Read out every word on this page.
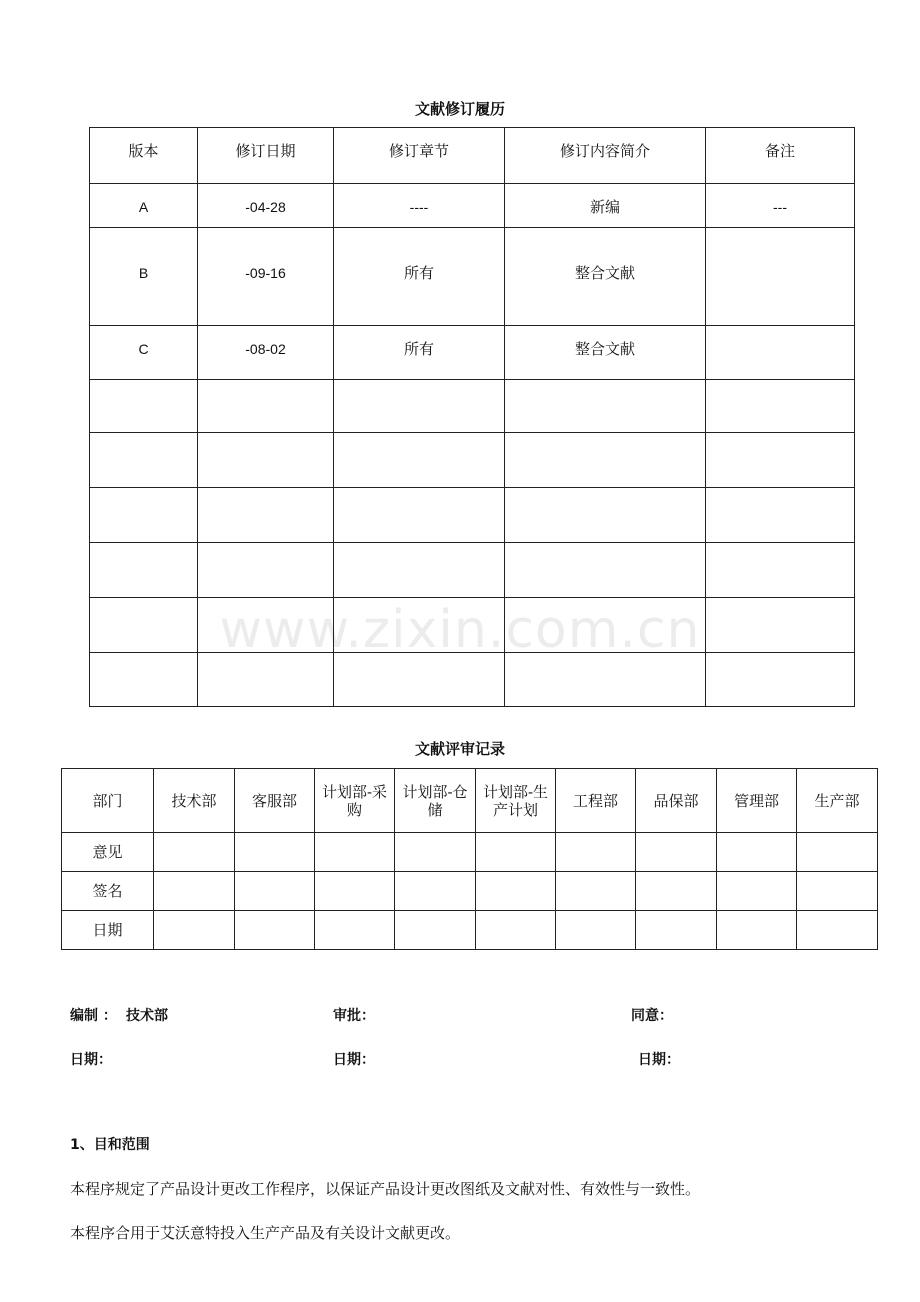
www.zixin.com.cn
文献修订履历
版本	修订日期	修订章节	修订内容简介	备注
A	-04-28	----	新编	---
B	-09-16	所有	整合文献	
C	-08-02	所有	整合文献	

文献评审记录
部门	技术部	客服部	计划部-采购	计划部-仓储	计划部-生产计划	工程部	品保部	管理部	生产部
意见									
签名									
日期									
编制 ： 技术部	审批：	同意：
日期：	日期：	日期：
1、目和范围
本程序规定了产品设计更改工作程序，以保证产品设计更改图纸及文献对性、有效性与一致性。
本程序合用于艾沃意特投入生产产品及有关设计文献更改。
